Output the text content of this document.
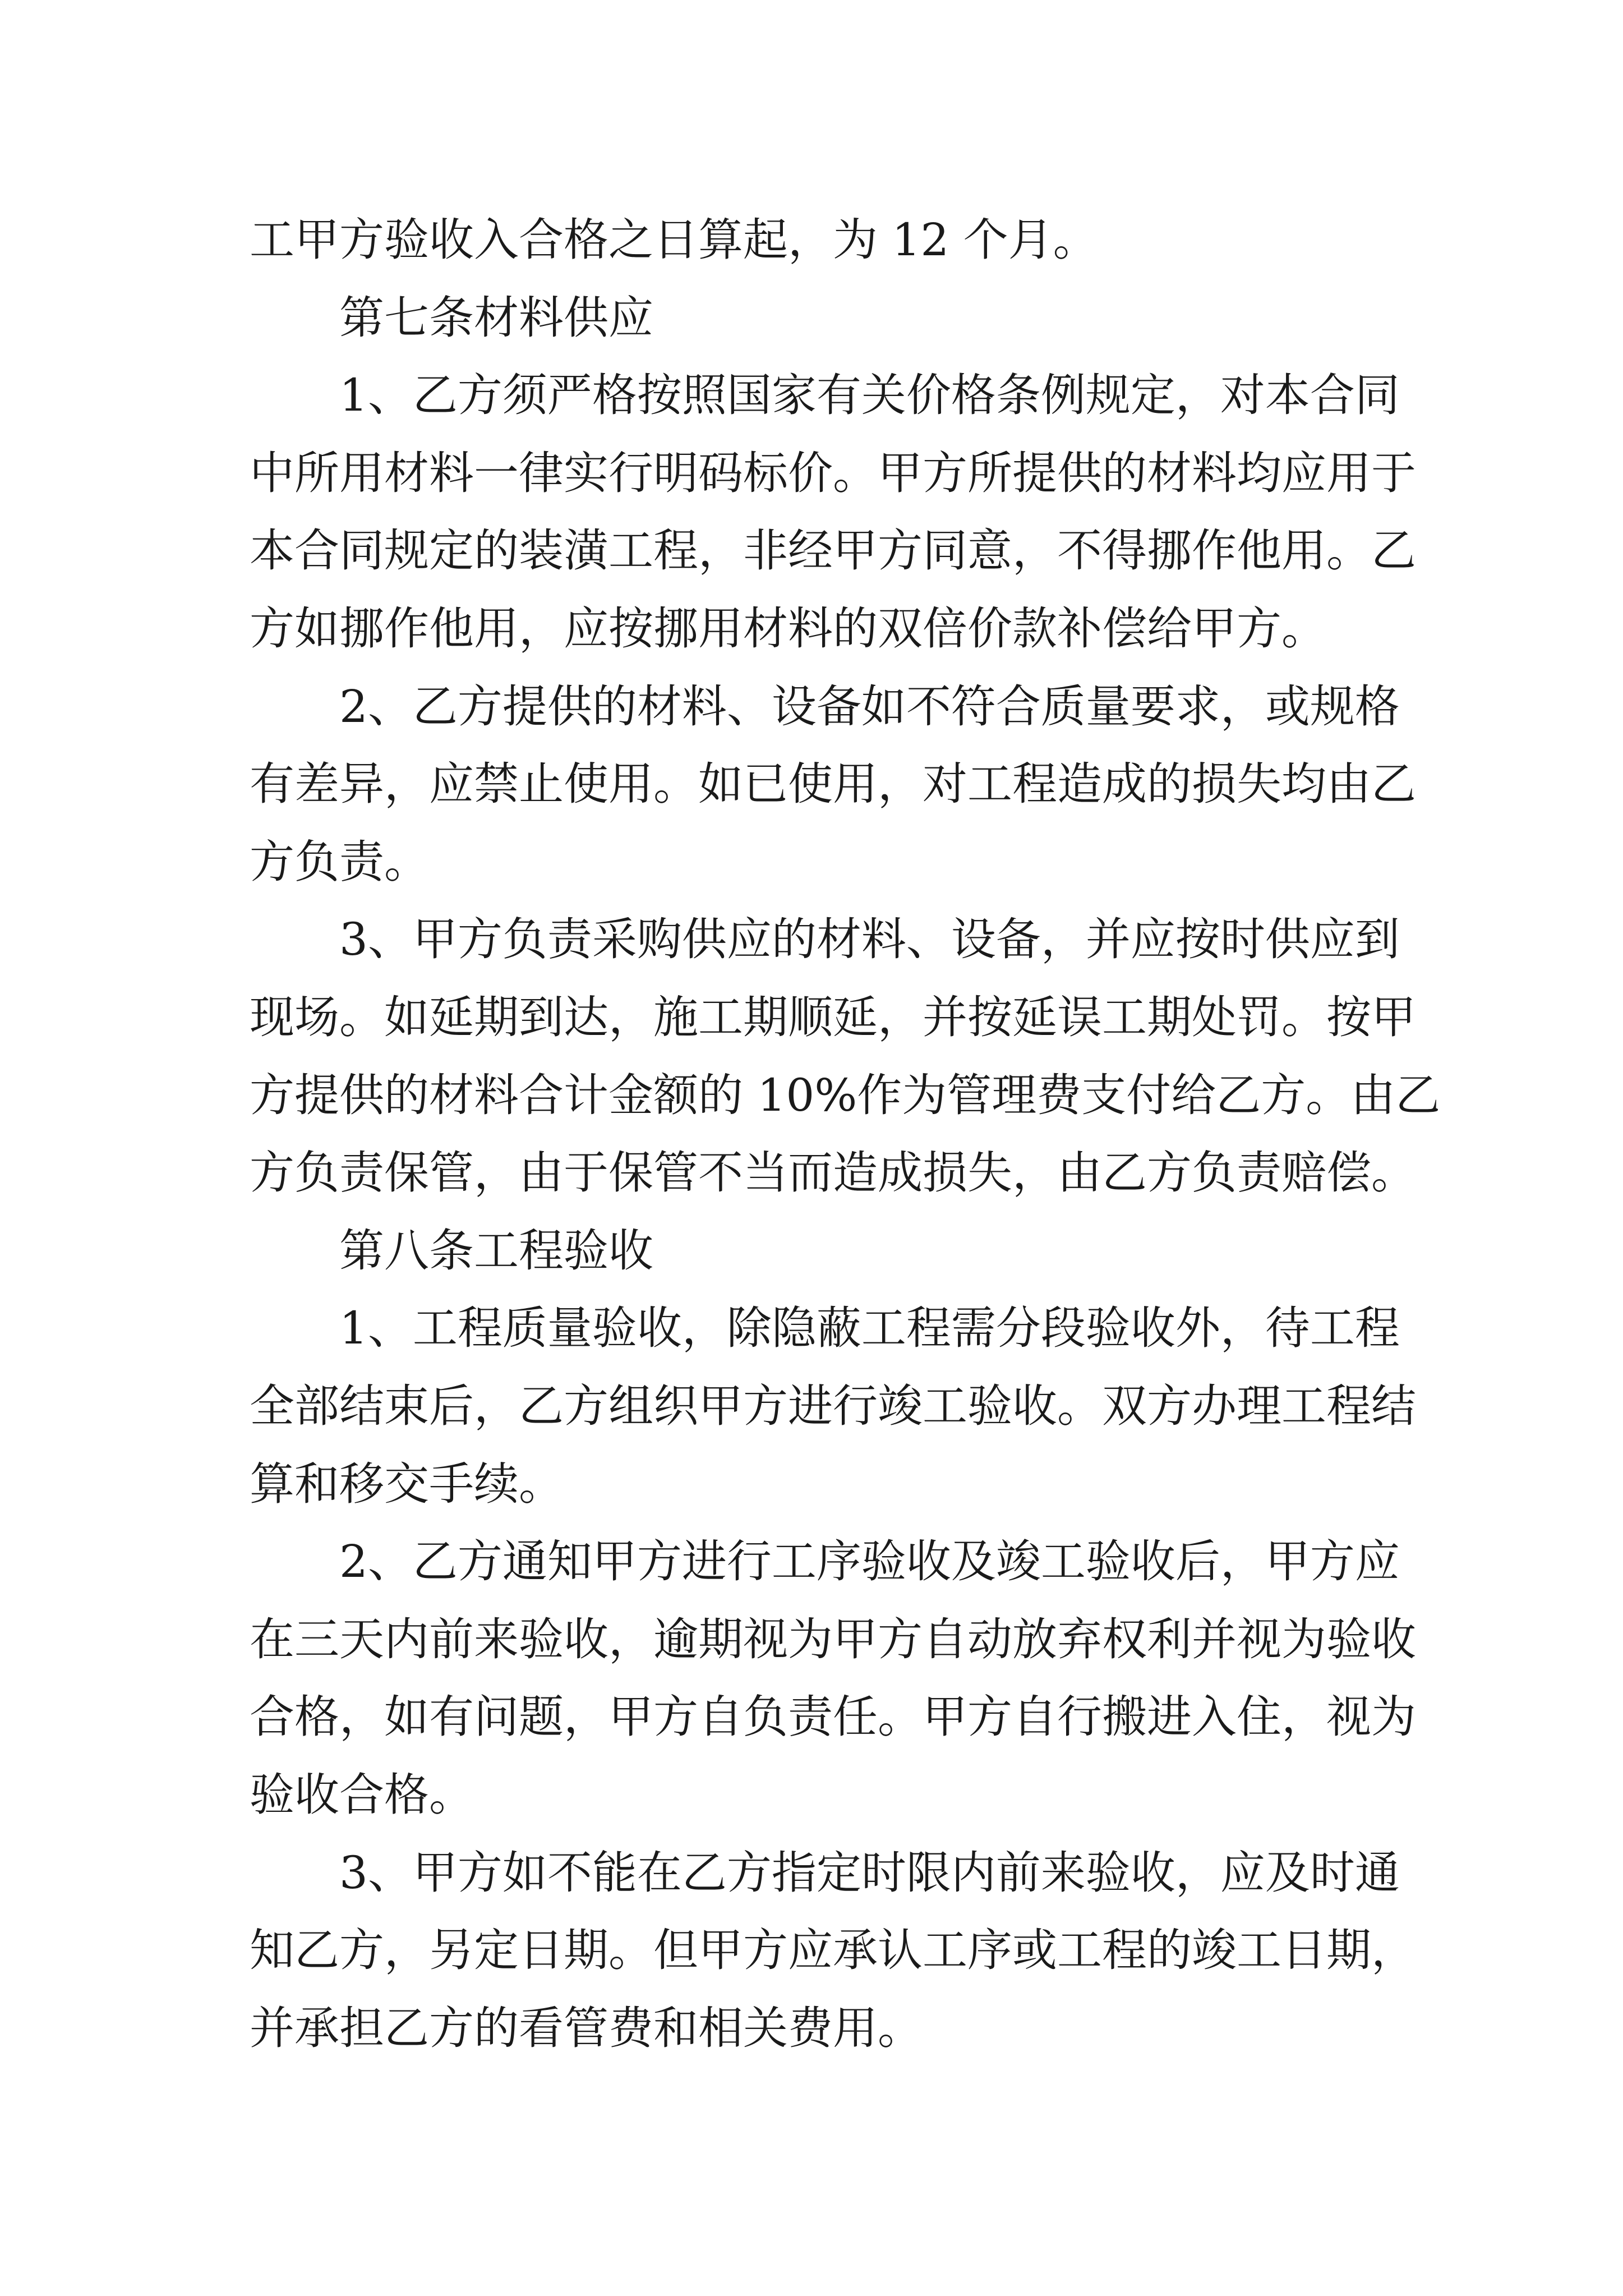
工甲方验收入合格之日算起，为 12 个月。
第七条材料供应
1、乙方须严格按照国家有关价格条例规定，对本合同
中所用材料一律实行明码标价。甲方所提供的材料均应用于
本合同规定的装潢工程，非经甲方同意，不得挪作他用。乙
方如挪作他用，应按挪用材料的双倍价款补偿给甲方。
2、乙方提供的材料、设备如不符合质量要求，或规格
有差异，应禁止使用。如已使用，对工程造成的损失均由乙
方负责。
3、甲方负责采购供应的材料、设备，并应按时供应到
现场。如延期到达，施工期顺延，并按延误工期处罚。按甲
方提供的材料合计金额的 10%作为管理费支付给乙方。由乙
方负责保管，由于保管不当而造成损失，由乙方负责赔偿。
第八条工程验收
1、工程质量验收，除隐蔽工程需分段验收外，待工程
全部结束后，乙方组织甲方进行竣工验收。双方办理工程结
算和移交手续。
2、乙方通知甲方进行工序验收及竣工验收后，甲方应
在三天内前来验收，逾期视为甲方自动放弃权利并视为验收
合格，如有问题，甲方自负责任。甲方自行搬进入住，视为
验收合格。
3、甲方如不能在乙方指定时限内前来验收，应及时通
知乙方，另定日期。但甲方应承认工序或工程的竣工日期，
并承担乙方的看管费和相关费用。
